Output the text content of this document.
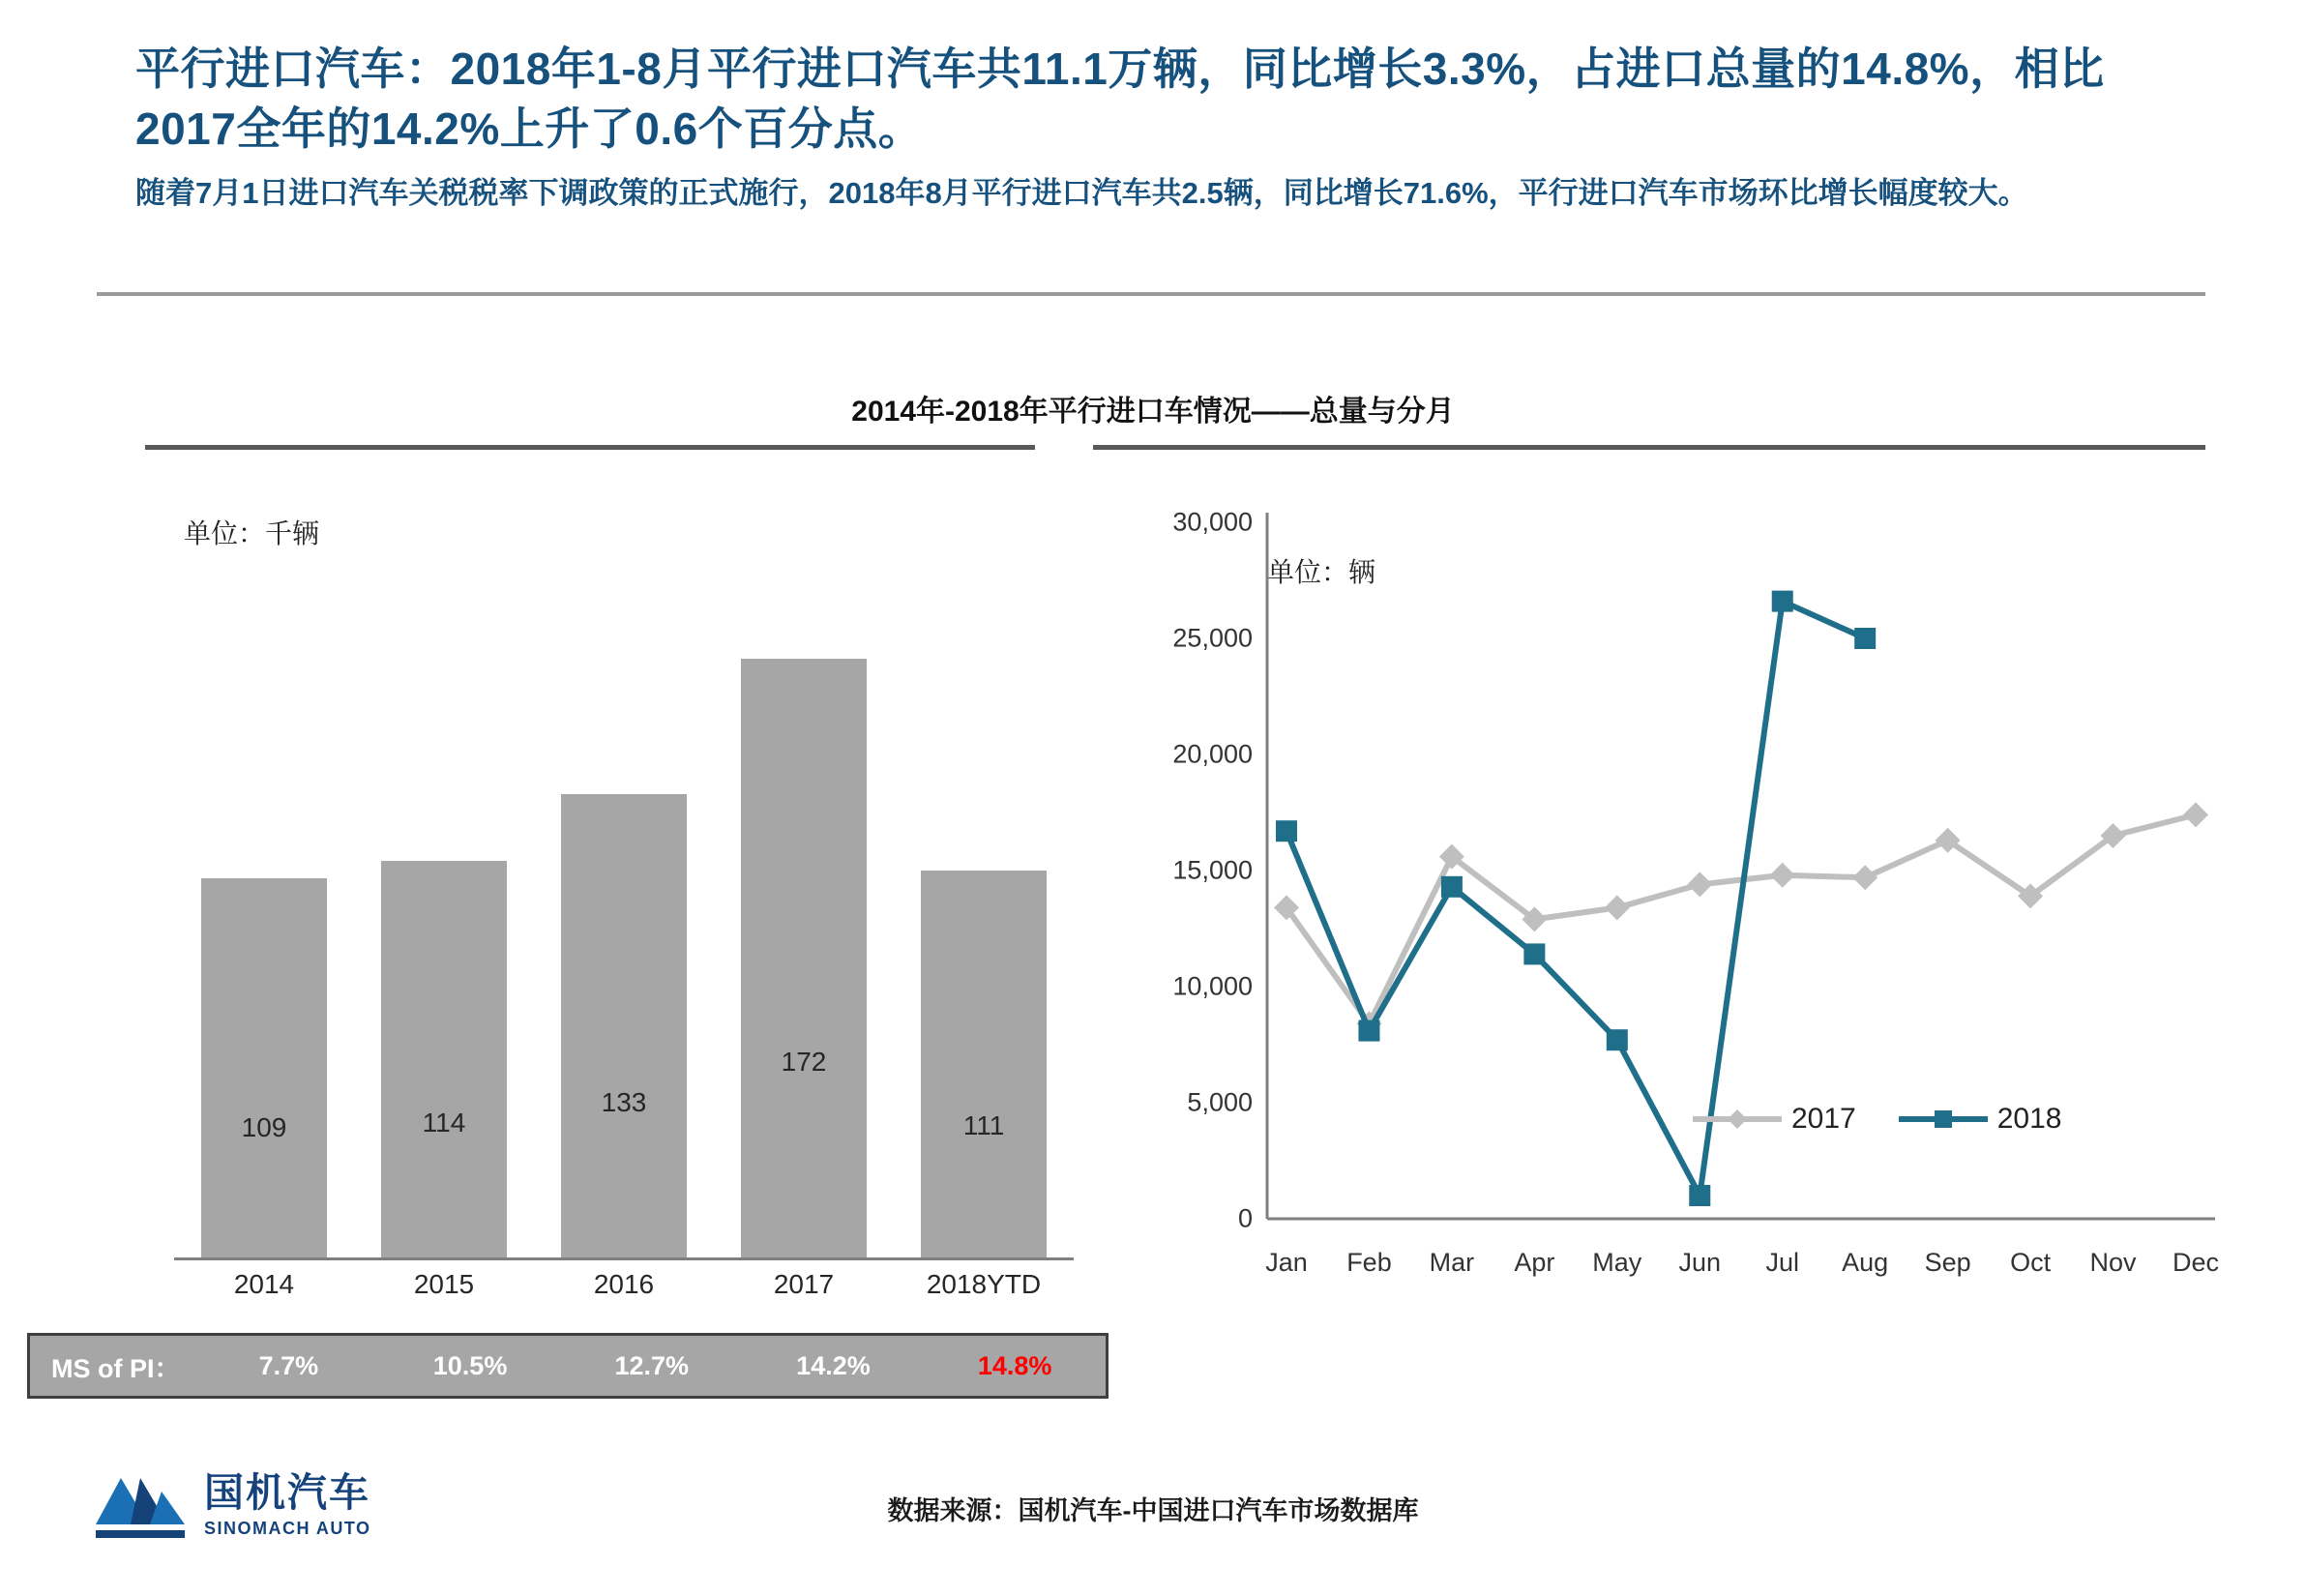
平行进口汽车：2018年1-8月平行进口汽车共11.1万辆，同比增长3.3%，占进口总量的14.8%，相比2017全年的14.2%上升了0.6个百分点。
随着7月1日进口汽车关税税率下调政策的正式施行，2018年8月平行进口汽车共2.5辆，同比增长71.6%，平行进口汽车市场环比增长幅度较大。
2014年-2018年平行进口车情况——总量与分月
单位：千辆
109	114
133
172
111
2014	2015	2016	2017	2018YTD
MS of PI：	7.7%	10.5%	12.7%	14.2%	14.8%
单位：辆
0
5,000
10,000
15,000
20,000
25,000
30,000
Jan	Feb	Mar	Apr	May	Jun	Jul	Aug	Sep	Oct	Nov	Dec
2017	2018
数据来源：国机汽车-中国进口汽车市场数据库
国机汽车
SINOMACH AUTO
